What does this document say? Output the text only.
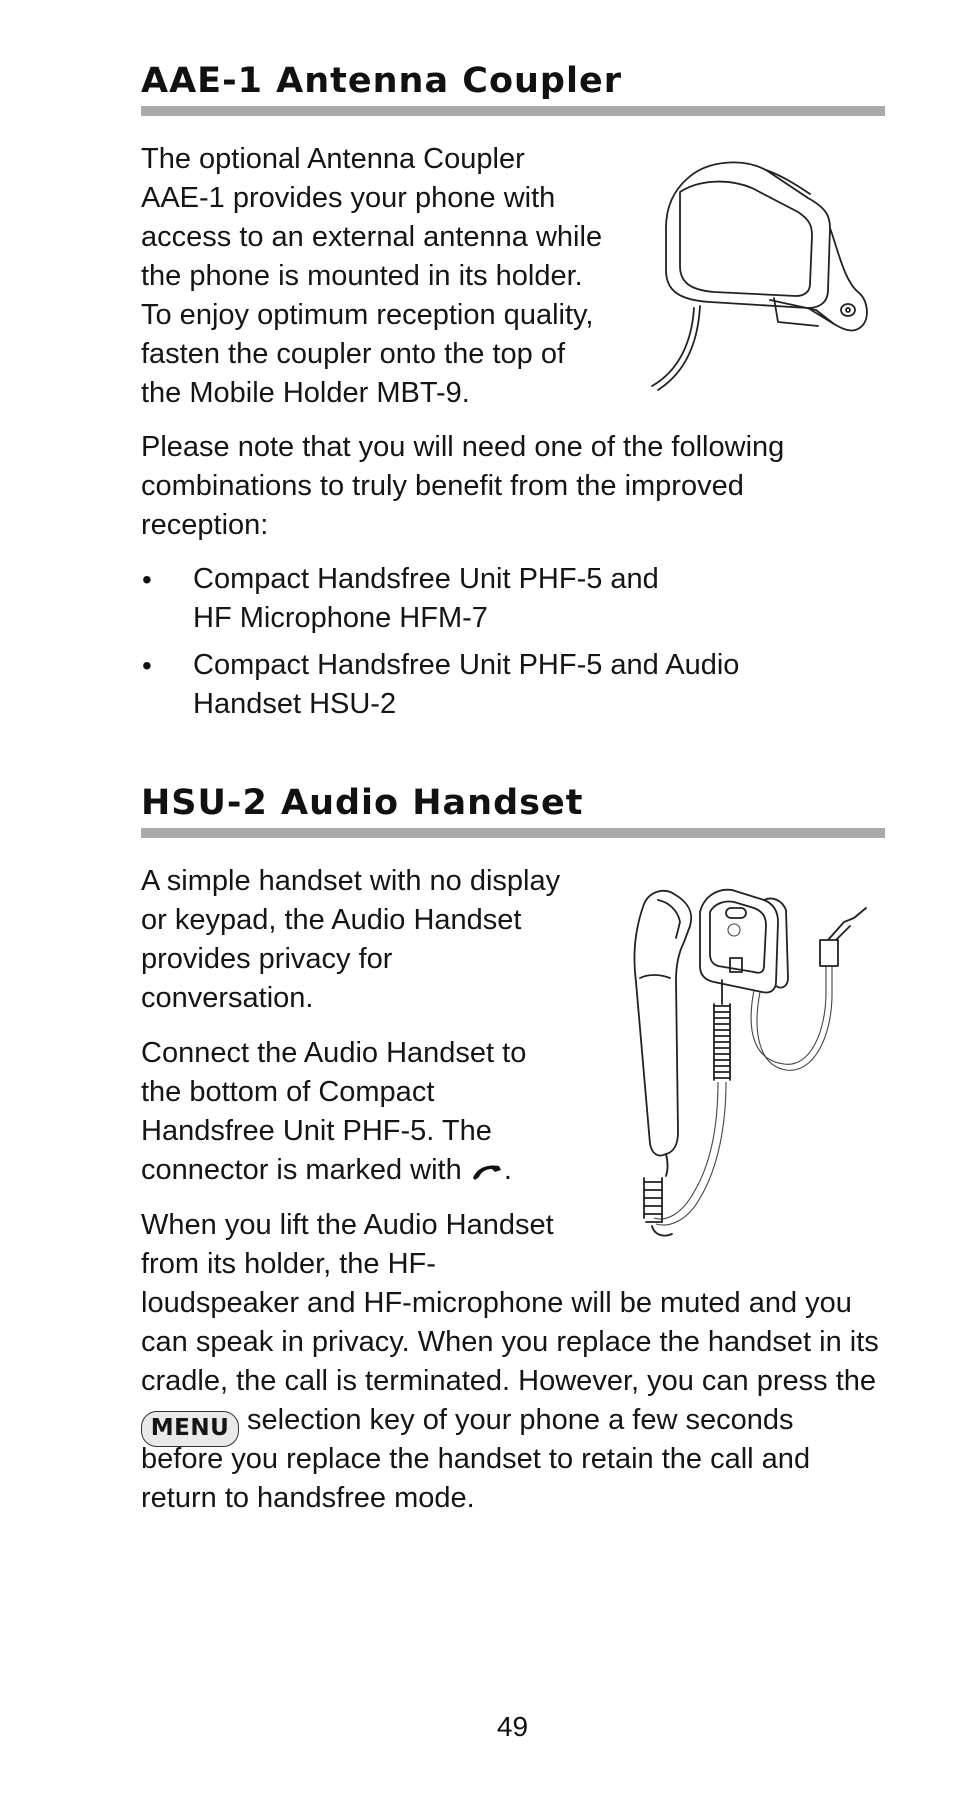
AAE-1 Antenna Coupler

The optional Antenna Coupler

AAE-1 provides your phone with

access to an external antenna while

the phone is mounted in its holder.

To enjoy optimum reception quality,

fasten the coupler onto the top of

the Mobile Holder MBT-9.

Please note that you will need one of the following

combinations to truly benefit from the improved

reception:

• Compact Handsfree Unit PHF-5 and

HF Microphone HFM-7

• Compact Handsfree Unit PHF-5 and Audio

Handset HSU-2

HSU-2 Audio Handset

A simple handset with no display

or keypad, the Audio Handset

provides privacy for

conversation.

Connect the Audio Handset to

the bottom of Compact

Handsfree Unit PHF-5. The

connector is marked with .

When you lift the Audio Handset

from its holder, the HF-

loudspeaker and HF-microphone will be muted and you

can speak in privacy. When you replace the handset in its

cradle, the call is terminated. However, you can press the

MENU selection key of your phone a few seconds

before you replace the handset to retain the call and

return to handsfree mode.

49
